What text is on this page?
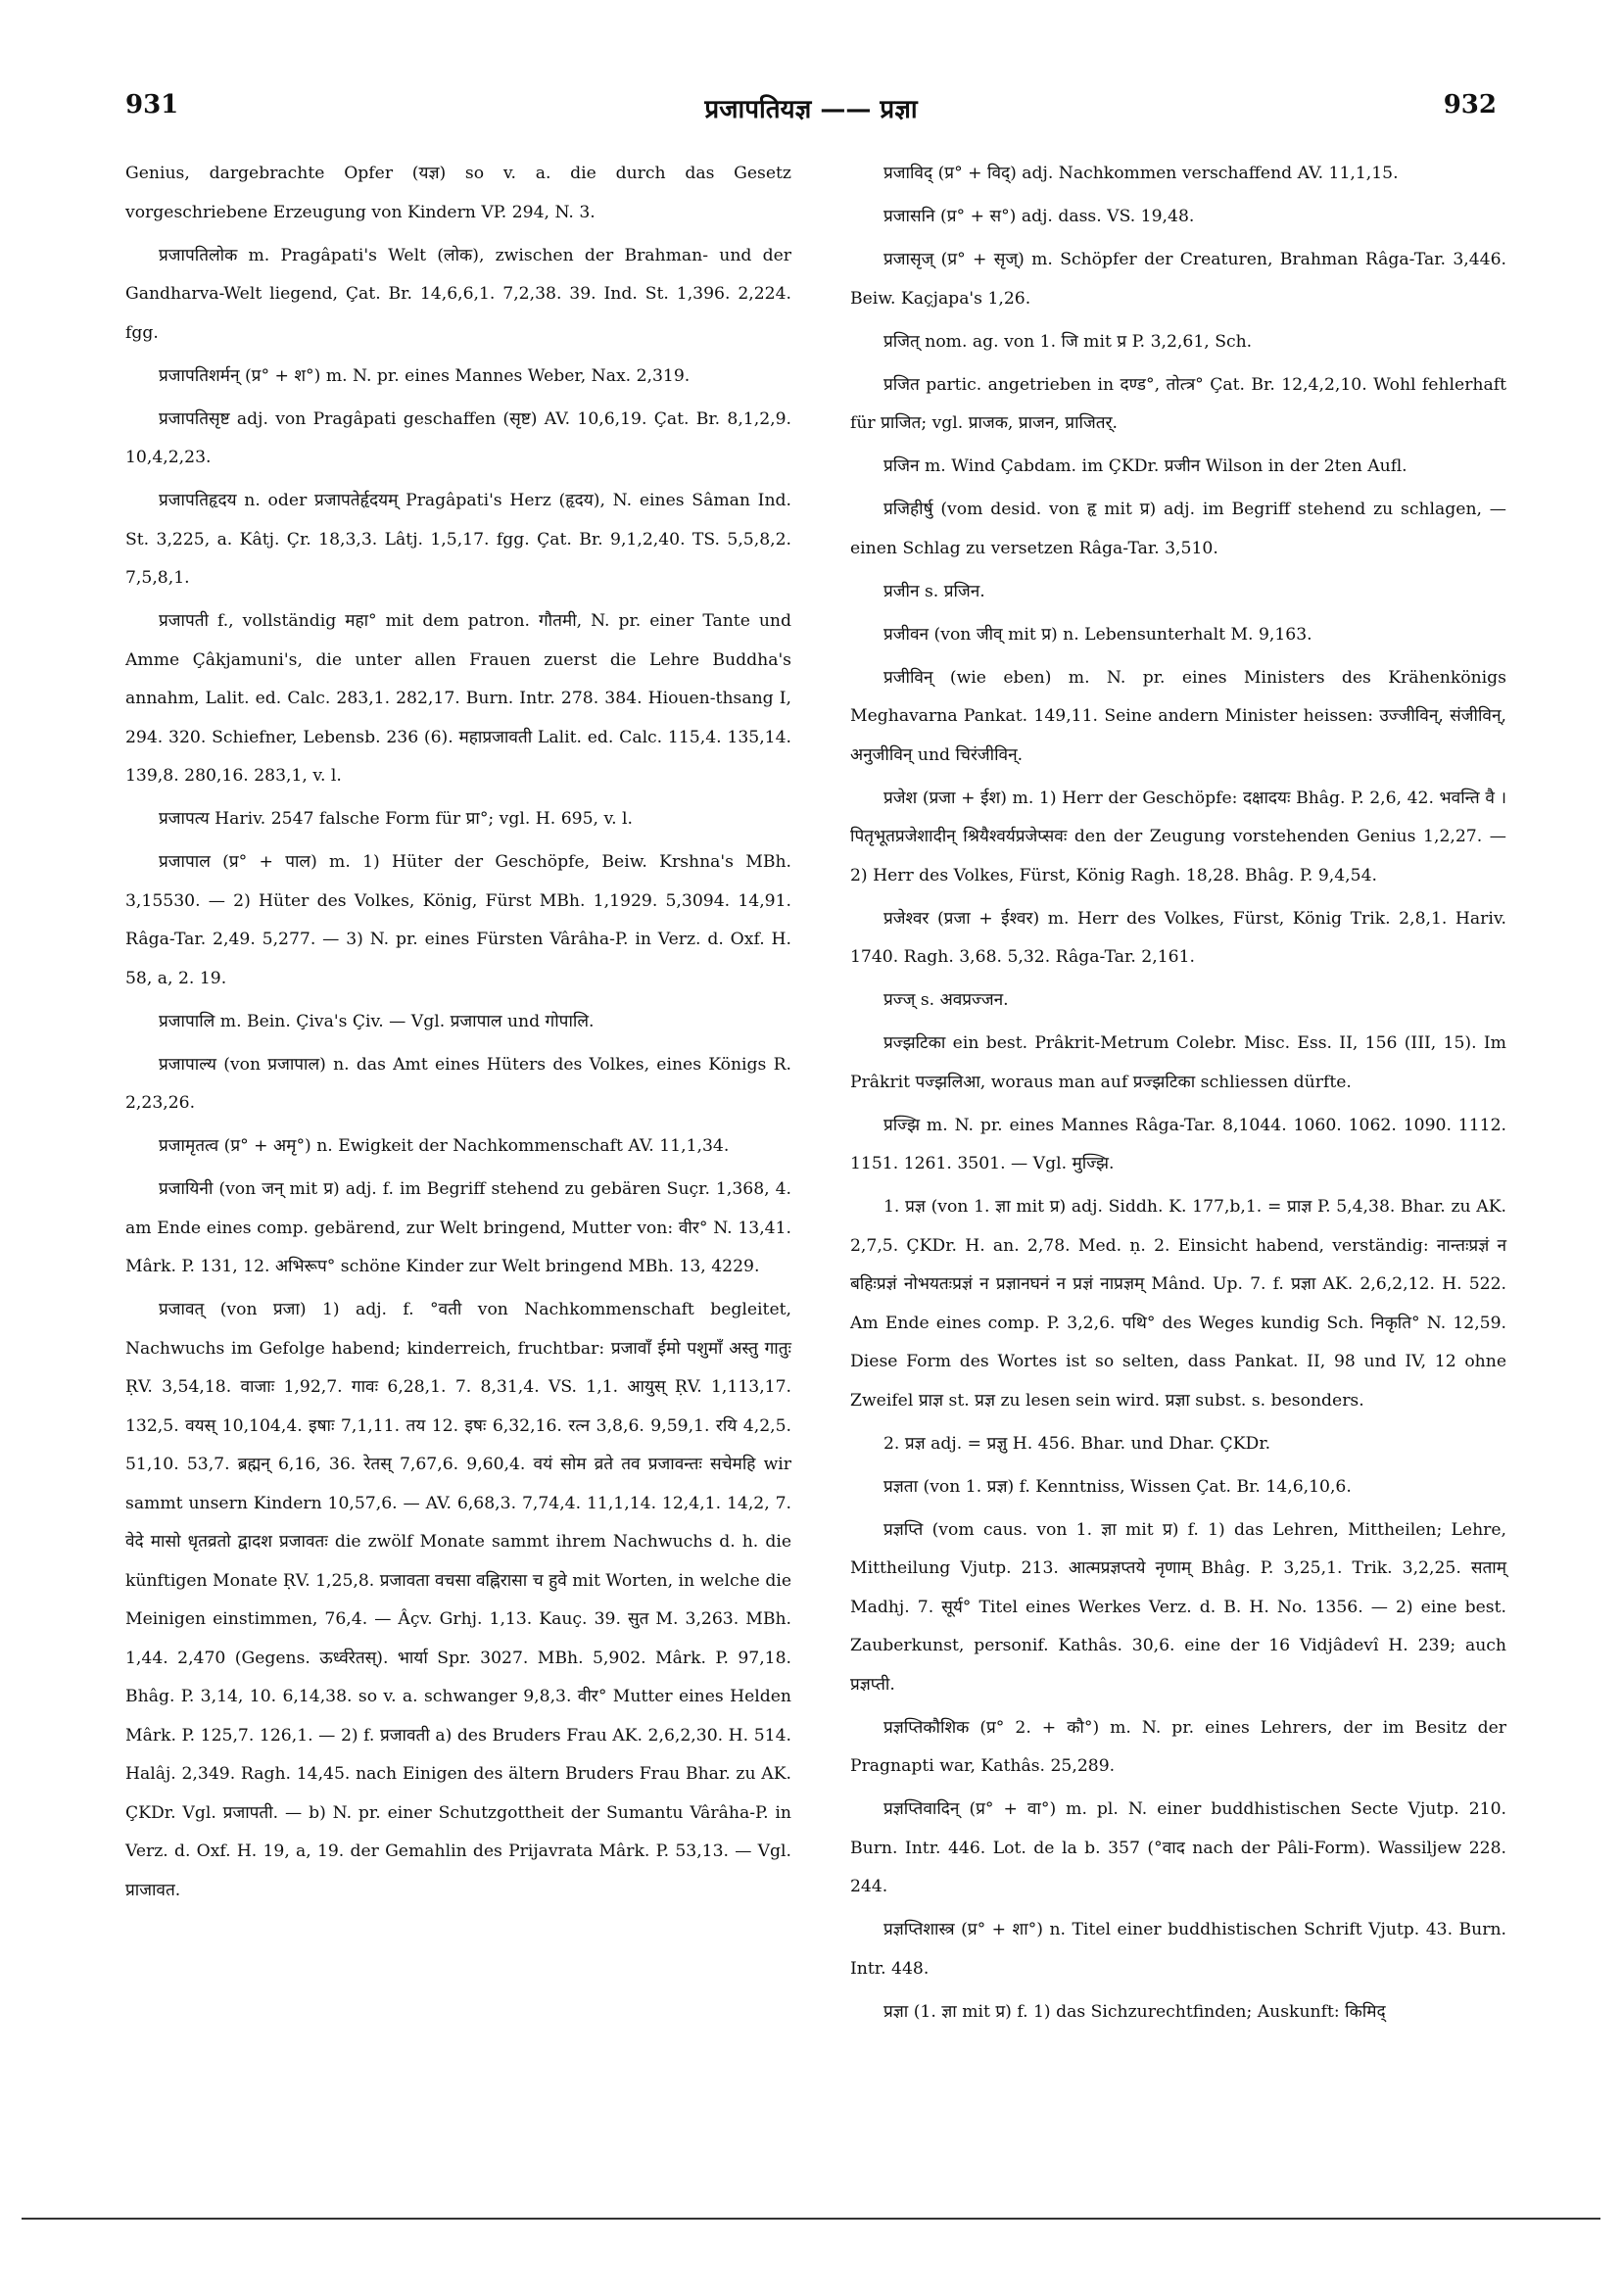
931	प्रजापतियज्ञ —— प्रज्ञा	932

Genius, dargebrachte Opfer (यज्ञ) so v. a. die durch das Gesetz vorgeschriebene Erzeugung von Kindern VP. 294, N. 3.

प्रजापतिलोक m. Pragâpati's Welt (लोक), zwischen der Brahman- und der Gandharva-Welt liegend, Çat. Br. 14,6,6,1. 7,2,38. 39. Ind. St. 1,396. 2,224. fgg.

प्रजापतिशर्मन् (प्र° + श°) m. N. pr. eines Mannes Weber, Nax. 2,319.

प्रजापतिसृष्ट adj. von Pragâpati geschaffen (सृष्ट) AV. 10,6,19. Çat. Br. 8,1,2,9. 10,4,2,23.

प्रजापतिहृदय n. oder प्रजापतेर्हृदयम् Pragâpati's Herz (हृदय), N. eines Sâman Ind. St. 3,225, a. Kâtj. Çr. 18,3,3. Lâtj. 1,5,17. fgg. Çat. Br. 9,1,2,40. TS. 5,5,8,2. 7,5,8,1.

प्रजापती f., vollständig महा° mit dem patron. गौतमी, N. pr. einer Tante und Amme Çâkjamuni's, die unter allen Frauen zuerst die Lehre Buddha's annahm, Lalit. ed. Calc. 283,1. 282,17. Burn. Intr. 278. 384. Hiouen-thsang I, 294. 320. Schiefner, Lebensb. 236 (6). महाप्रजावती Lalit. ed. Calc. 115,4. 135,14. 139,8. 280,16. 283,1, v. l.

प्रजापत्य Hariv. 2547 falsche Form für प्रा°; vgl. H. 695, v. l.

प्रजापाल (प्र° + पाल) m. 1) Hüter der Geschöpfe, Beiw. Krshna's MBh. 3,15530. — 2) Hüter des Volkes, König, Fürst MBh. 1,1929. 5,3094. 14,91. Râga-Tar. 2,49. 5,277. — 3) N. pr. eines Fürsten Vârâha-P. in Verz. d. Oxf. H. 58, a, 2. 19.

प्रजापालि m. Bein. Çiva's Çiv. — Vgl. प्रजापाल und गोपालि.

प्रजापाल्य (von प्रजापाल) n. das Amt eines Hüters des Volkes, eines Königs R. 2,23,26.

प्रजामृतत्व (प्र° + अमृ°) n. Ewigkeit der Nachkommenschaft AV. 11,1,34.

प्रजायिनी (von जन् mit प्र) adj. f. im Begriff stehend zu gebären Suçr. 1,368, 4. am Ende eines comp. gebärend, zur Welt bringend, Mutter von: वीर° N. 13,41. Mârk. P. 131, 12. अभिरूप° schöne Kinder zur Welt bringend MBh. 13, 4229.

प्रजावत् (von प्रजा) 1) adj. f. °वती von Nachkommenschaft begleitet, Nachwuchs im Gefolge habend; kinderreich, fruchtbar: प्रजावाँ ईमो पशुमाँ अस्तु गातुः ṚV. 3,54,18. वाजाः 1,92,7. गावः 6,28,1. 7. 8,31,4. VS. 1,1. आयुस् ṚV. 1,113,17. 132,5. वयस् 10,104,4. इषाः 7,1,11. तय 12. इषः 6,32,16. रत्न 3,8,6. 9,59,1. रयि 4,2,5. 51,10. 53,7. ब्रह्मन् 6,16, 36. रेतस् 7,67,6. 9,60,4. वयं सोम व्रते तव प्रजावन्तः सचेमहि wir sammt unsern Kindern 10,57,6. — AV. 6,68,3. 7,74,4. 11,1,14. 12,4,1. 14,2, 7. वेदे मासो धृतव्रतो द्वादश प्रजावतः die zwölf Monate sammt ihrem Nachwuchs d. h. die künftigen Monate ṚV. 1,25,8. प्रजावता वचसा वह्निरासा च हुवे mit Worten, in welche die Meinigen einstimmen, 76,4. — Âçv. Grhj. 1,13. Kauç. 39. सुत M. 3,263. MBh. 1,44. 2,470 (Gegens. ऊर्ध्वरेतस्). भार्या Spr. 3027. MBh. 5,902. Mârk. P. 97,18. Bhâg. P. 3,14, 10. 6,14,38. so v. a. schwanger 9,8,3. वीर° Mutter eines Helden Mârk. P. 125,7. 126,1. — 2) f. प्रजावती a) des Bruders Frau AK. 2,6,2,30. H. 514. Halâj. 2,349. Ragh. 14,45. nach Einigen des ältern Bruders Frau Bhar. zu AK. ÇKDr. Vgl. प्रजापती. — b) N. pr. einer Schutzgottheit der Sumantu Vârâha-P. in Verz. d. Oxf. H. 19, a, 19. der Gemahlin des Prijavrata Mârk. P. 53,13. — Vgl. प्राजावत.

प्रजाविद् (प्र° + विद्) adj. Nachkommen verschaffend AV. 11,1,15.

प्रजासनि (प्र° + स°) adj. dass. VS. 19,48.

प्रजासृज् (प्र° + सृज्) m. Schöpfer der Creaturen, Brahman Râga-Tar. 3,446. Beiw. Kaçjapa's 1,26.

प्रजित् nom. ag. von 1. जि mit प्र P. 3,2,61, Sch.

प्रजित partic. angetrieben in दण्ड°, तोत्त्र° Çat. Br. 12,4,2,10. Wohl fehlerhaft für प्राजित; vgl. प्राजक, प्राजन, प्राजितर्.

प्रजिन m. Wind Çabdam. im ÇKDr. प्रजीन Wilson in der 2ten Aufl.

प्रजिहीर्षु (vom desid. von हृ mit प्र) adj. im Begriff stehend zu schlagen, — einen Schlag zu versetzen Râga-Tar. 3,510.

प्रजीन s. प्रजिन.

प्रजीवन (von जीव् mit प्र) n. Lebensunterhalt M. 9,163.

प्रजीविन् (wie eben) m. N. pr. eines Ministers des Krähenkönigs Meghavarna Pankat. 149,11. Seine andern Minister heissen: उज्जीविन्, संजीविन्, अनुजीविन् und चिरंजीविन्.

प्रजेश (प्रजा + ईश) m. 1) Herr der Geschöpfe: दक्षादयः Bhâg. P. 2,6, 42. भवन्ति वै । पितृभूतप्रजेशादीन् श्रियैश्वर्यप्रजेप्सवः den der Zeugung vorstehenden Genius 1,2,27. — 2) Herr des Volkes, Fürst, König Ragh. 18,28. Bhâg. P. 9,4,54.

प्रजेश्वर (प्रजा + ईश्वर) m. Herr des Volkes, Fürst, König Trik. 2,8,1. Hariv. 1740. Ragh. 3,68. 5,32. Râga-Tar. 2,161.

प्रज्ज् s. अवप्रज्जन.

प्रज्झटिका ein best. Prâkrit-Metrum Colebr. Misc. Ess. II, 156 (III, 15). Im Prâkrit पज्झलिआ, woraus man auf प्रज्झटिका schliessen dürfte.

प्रज्झि m. N. pr. eines Mannes Râga-Tar. 8,1044. 1060. 1062. 1090. 1112. 1151. 1261. 3501. — Vgl. मुज्झि.

1. प्रज्ञ (von 1. ज्ञा mit प्र) adj. Siddh. K. 177,b,1. = प्राज्ञ P. 5,4,38. Bhar. zu AK. 2,7,5. ÇKDr. H. an. 2,78. Med. ṇ. 2. Einsicht habend, verständig: नान्तःप्रज्ञं न बहिःप्रज्ञं नोभयतःप्रज्ञं न प्रज्ञानघनं न प्रज्ञं नाप्रज्ञम् Mând. Up. 7. f. प्रज्ञा AK. 2,6,2,12. H. 522. Am Ende eines comp. P. 3,2,6. पथि° des Weges kundig Sch. निकृति° N. 12,59. Diese Form des Wortes ist so selten, dass Pankat. II, 98 und IV, 12 ohne Zweifel प्राज्ञ st. प्रज्ञ zu lesen sein wird. प्रज्ञा subst. s. besonders.

2. प्रज्ञ adj. = प्रज्ञु H. 456. Bhar. und Dhar. ÇKDr.

प्रज्ञता (von 1. प्रज्ञ) f. Kenntniss, Wissen Çat. Br. 14,6,10,6.

प्रज्ञप्ति (vom caus. von 1. ज्ञा mit प्र) f. 1) das Lehren, Mittheilen; Lehre, Mittheilung Vjutp. 213. आत्मप्रज्ञप्तये नृणाम् Bhâg. P. 3,25,1. Trik. 3,2,25. सताम् Madhj. 7. सूर्य° Titel eines Werkes Verz. d. B. H. No. 1356. — 2) eine best. Zauberkunst, personif. Kathâs. 30,6. eine der 16 Vidjâdevî H. 239; auch प्रज्ञप्ती.

प्रज्ञप्तिकौशिक (प्र° 2. + कौ°) m. N. pr. eines Lehrers, der im Besitz der Pragnapti war, Kathâs. 25,289.

प्रज्ञप्तिवादिन् (प्र° + वा°) m. pl. N. einer buddhistischen Secte Vjutp. 210. Burn. Intr. 446. Lot. de la b. 357 (°वाद nach der Pâli-Form). Wassiljew 228. 244.

प्रज्ञप्तिशास्त्र (प्र° + शा°) n. Titel einer buddhistischen Schrift Vjutp. 43. Burn. Intr. 448.

प्रज्ञा (1. ज्ञा mit प्र) f. 1) das Sichzurechtfinden; Auskunft: किमिद्
